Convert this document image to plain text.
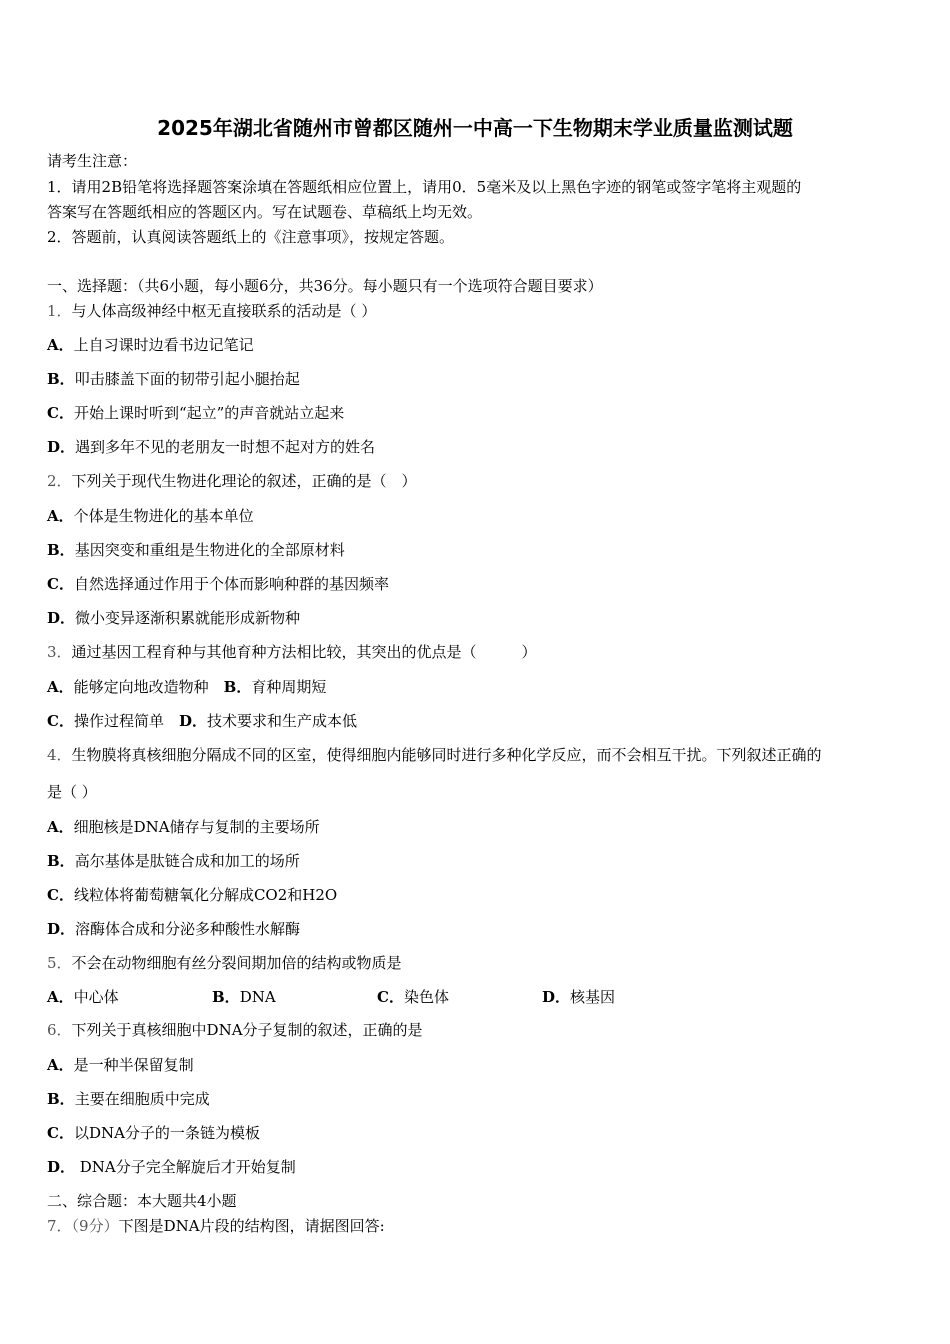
2025年湖北省随州市曾都区随州一中高一下生物期末学业质量监测试题
请考生注意：
1．请用2B铅笔将选择题答案涂填在答题纸相应位置上，请用0．5毫米及以上黑色字迹的钢笔或签字笔将主观题的
答案写在答题纸相应的答题区内。写在试题卷、草稿纸上均无效。
2．答题前，认真阅读答题纸上的《注意事项》，按规定答题。
一、选择题：（共6小题，每小题6分，共36分。每小题只有一个选项符合题目要求）
1．与人体高级神经中枢无直接联系的活动是（ ）
A．上自习课时边看书边记笔记
B．叩击膝盖下面的韧带引起小腿抬起
C．开始上课时听到“起立”的声音就站立起来
D．遇到多年不见的老朋友一时想不起对方的姓名
2．下列关于现代生物进化理论的叙述，正确的是（　）
A．个体是生物进化的基本单位
B．基因突变和重组是生物进化的全部原材料
C．自然选择通过作用于个体而影响种群的基因频率
D．微小变异逐渐积累就能形成新物种
3．通过基因工程育种与其他育种方法相比较，其突出的优点是（　　　）
A．能够定向地改造物种　B．育种周期短
C．操作过程简单　D．技术要求和生产成本低
4．生物膜将真核细胞分隔成不同的区室，使得细胞内能够同时进行多种化学反应，而不会相互干扰。下列叙述正确的
是（ ）
A．细胞核是DNA储存与复制的主要场所
B．高尔基体是肽链合成和加工的场所
C．线粒体将葡萄糖氧化分解成CO2和H2O
D．溶酶体合成和分泌多种酸性水解酶
5．不会在动物细胞有丝分裂间期加倍的结构或物质是
A．中心体	B．DNA	C．染色体	D．核基因
6．下列关于真核细胞中DNA分子复制的叙述，正确的是
A．是一种半保留复制
B．主要在细胞质中完成
C．以DNA分子的一条链为模板
D． DNA分子完全解旋后才开始复制
二、综合题：本大题共4小题
7．（9分）下图是DNA片段的结构图，请据图回答:
